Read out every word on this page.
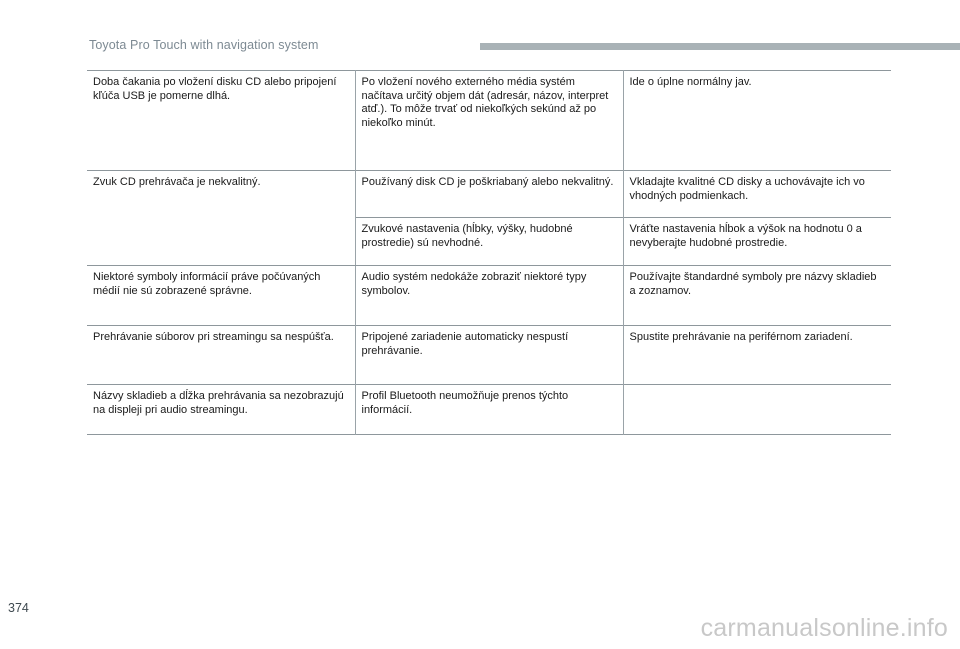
Toyota Pro Touch with navigation system
Doba čakania po vložení disku CD alebo pripojení kľúča USB je pomerne dlhá.	Po vložení nového externého média systém načítava určitý objem dát (adresár, názov, interpret atď.). To môže trvať od niekoľkých sekúnd až po niekoľko minút.	Ide o úplne normálny jav.
Zvuk CD prehrávača je nekvalitný.	Používaný disk CD je poškriabaný alebo nekvalitný.	Vkladajte kvalitné CD disky a uchovávajte ich vo vhodných podmienkach.
	Zvukové nastavenia (hĺbky, výšky, hudobné prostredie) sú nevhodné.	Vráťte nastavenia hĺbok a výšok na hodnotu 0 a nevyberajte hudobné prostredie.
Niektoré symboly informácií práve počúvaných médií nie sú zobrazené správne.	Audio systém nedokáže zobraziť niektoré typy symbolov.	Používajte štandardné symboly pre názvy skladieb a zoznamov.
Prehrávanie súborov pri streamingu sa nespúšťa.	Pripojené zariadenie automaticky nespustí prehrávanie.	Spustite prehrávanie na periférnom zariadení.
Názvy skladieb a dĺžka prehrávania sa nezobrazujú na displeji pri audio streamingu.	Profil Bluetooth neumožňuje prenos týchto informácií.	
374
carmanualsonline.info
